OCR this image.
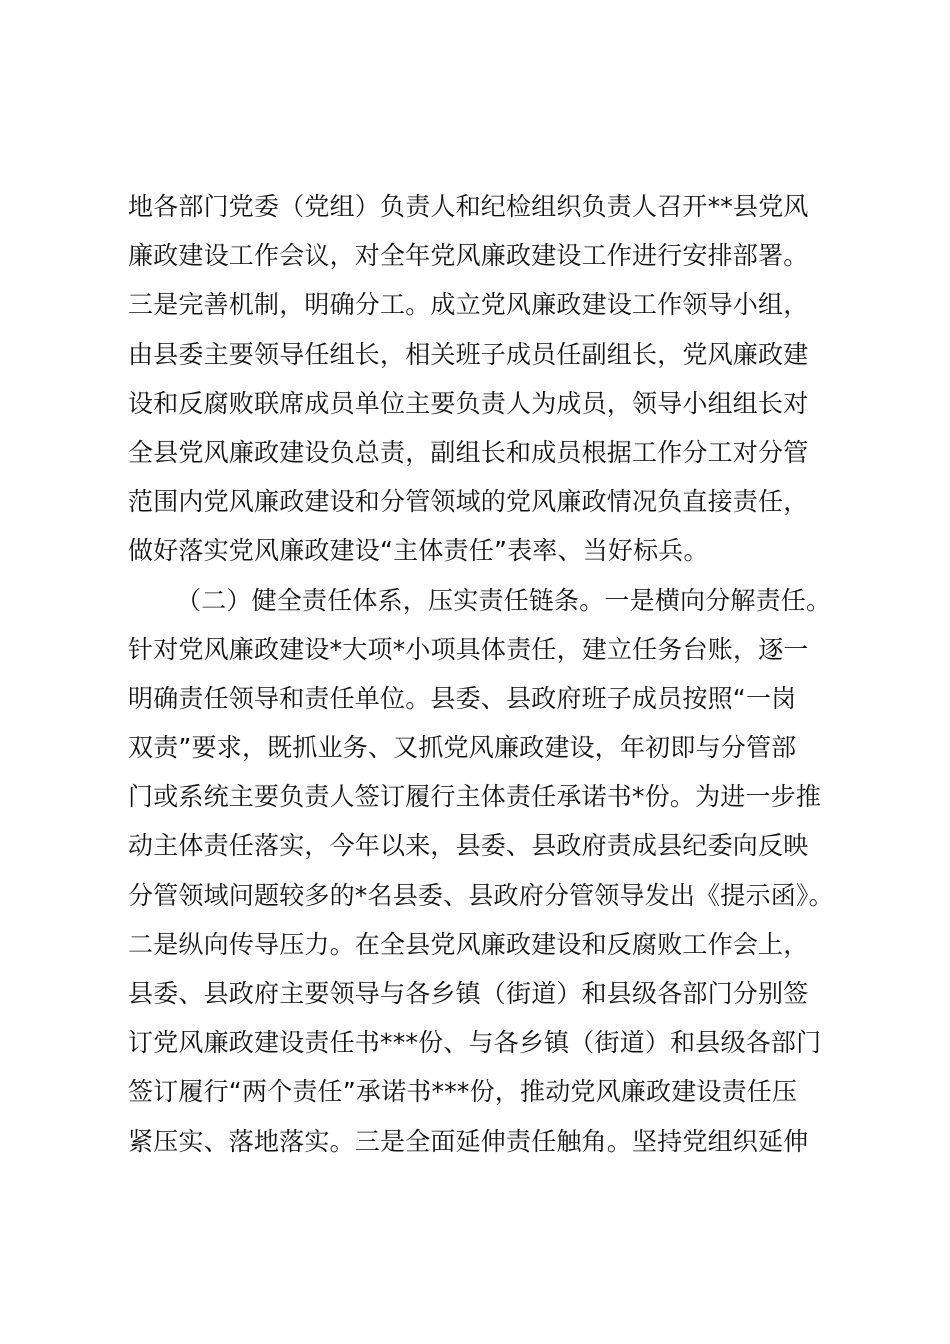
地各部门党委（党组）负责人和纪检组织负责人召开**县党风
廉政建设工作会议，对全年党风廉政建设工作进行安排部署。
三是完善机制，明确分工。成立党风廉政建设工作领导小组，
由县委主要领导任组长，相关班子成员任副组长，党风廉政建
设和反腐败联席成员单位主要负责人为成员，领导小组组长对
全县党风廉政建设负总责，副组长和成员根据工作分工对分管
范围内党风廉政建设和分管领域的党风廉政情况负直接责任，
做好落实党风廉政建设“主体责任”表率、当好标兵。
（二）健全责任体系，压实责任链条。一是横向分解责任。
针对党风廉政建设*大项*小项具体责任，建立任务台账，逐一
明确责任领导和责任单位。县委、县政府班子成员按照“一岗
双责”要求，既抓业务、又抓党风廉政建设，年初即与分管部
门或系统主要负责人签订履行主体责任承诺书*份。为进一步推
动主体责任落实，今年以来，县委、县政府责成县纪委向反映
分管领域问题较多的*名县委、县政府分管领导发出《提示函》。
二是纵向传导压力。在全县党风廉政建设和反腐败工作会上，
县委、县政府主要领导与各乡镇（街道）和县级各部门分别签
订党风廉政建设责任书***份、与各乡镇（街道）和县级各部门
签订履行“两个责任”承诺书***份，推动党风廉政建设责任压
紧压实、落地落实。三是全面延伸责任触角。坚持党组织延伸
